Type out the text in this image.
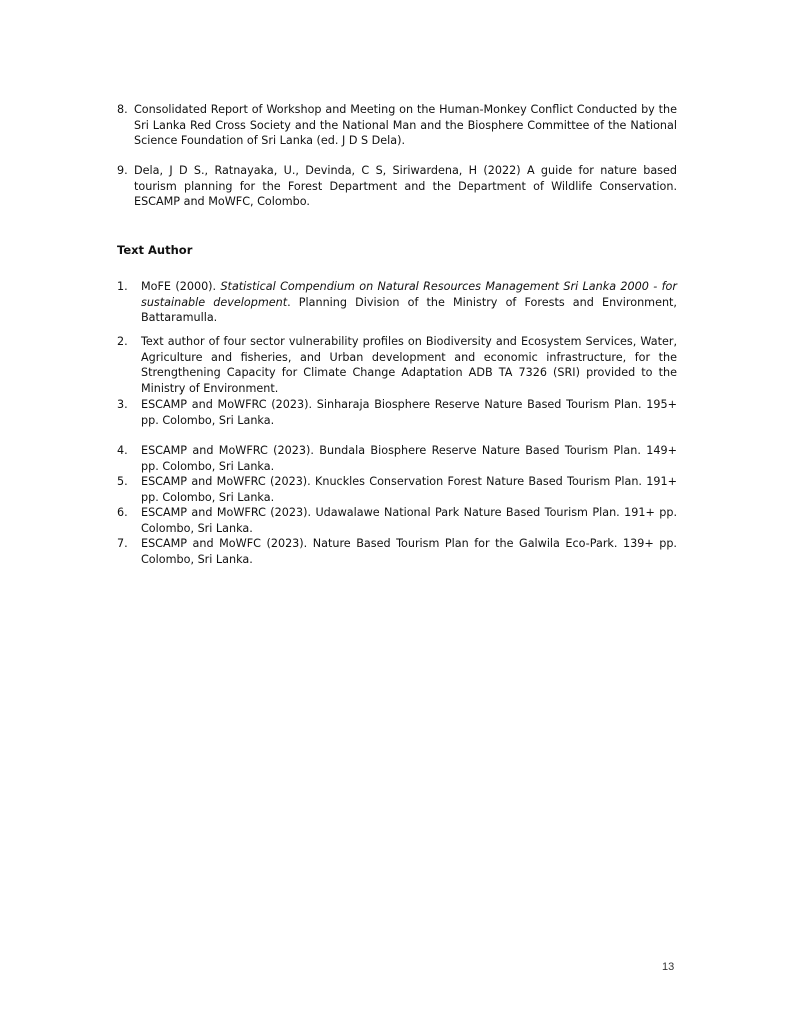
8. Consolidated Report of Workshop and Meeting on the Human-Monkey Conflict Conducted by the Sri Lanka Red Cross Society and the National Man and the Biosphere Committee of the National Science Foundation of Sri Lanka (ed. J D S Dela).
9. Dela, J D S., Ratnayaka, U., Devinda, C S, Siriwardena, H (2022) A guide for nature based tourism planning for the Forest Department and the Department of Wildlife Conservation. ESCAMP and MoWFC, Colombo.
Text Author
1. MoFE (2000). Statistical Compendium on Natural Resources Management Sri Lanka 2000 - for sustainable development. Planning Division of the Ministry of Forests and Environment, Battaramulla.
2. Text author of four sector vulnerability profiles on Biodiversity and Ecosystem Services, Water, Agriculture and fisheries, and Urban development and economic infrastructure, for the Strengthening Capacity for Climate Change Adaptation ADB TA 7326 (SRI) provided to the Ministry of Environment.
3. ESCAMP and MoWFRC (2023). Sinharaja Biosphere Reserve Nature Based Tourism Plan. 195+ pp. Colombo, Sri Lanka.
4. ESCAMP and MoWFRC (2023). Bundala Biosphere Reserve Nature Based Tourism Plan. 149+ pp. Colombo, Sri Lanka.
5. ESCAMP and MoWFRC (2023). Knuckles Conservation Forest Nature Based Tourism Plan. 191+ pp. Colombo, Sri Lanka.
6. ESCAMP and MoWFRC (2023). Udawalawe National Park Nature Based Tourism Plan. 191+ pp. Colombo, Sri Lanka.
7. ESCAMP and MoWFC (2023). Nature Based Tourism Plan for the Galwila Eco-Park. 139+ pp. Colombo, Sri Lanka.
13
